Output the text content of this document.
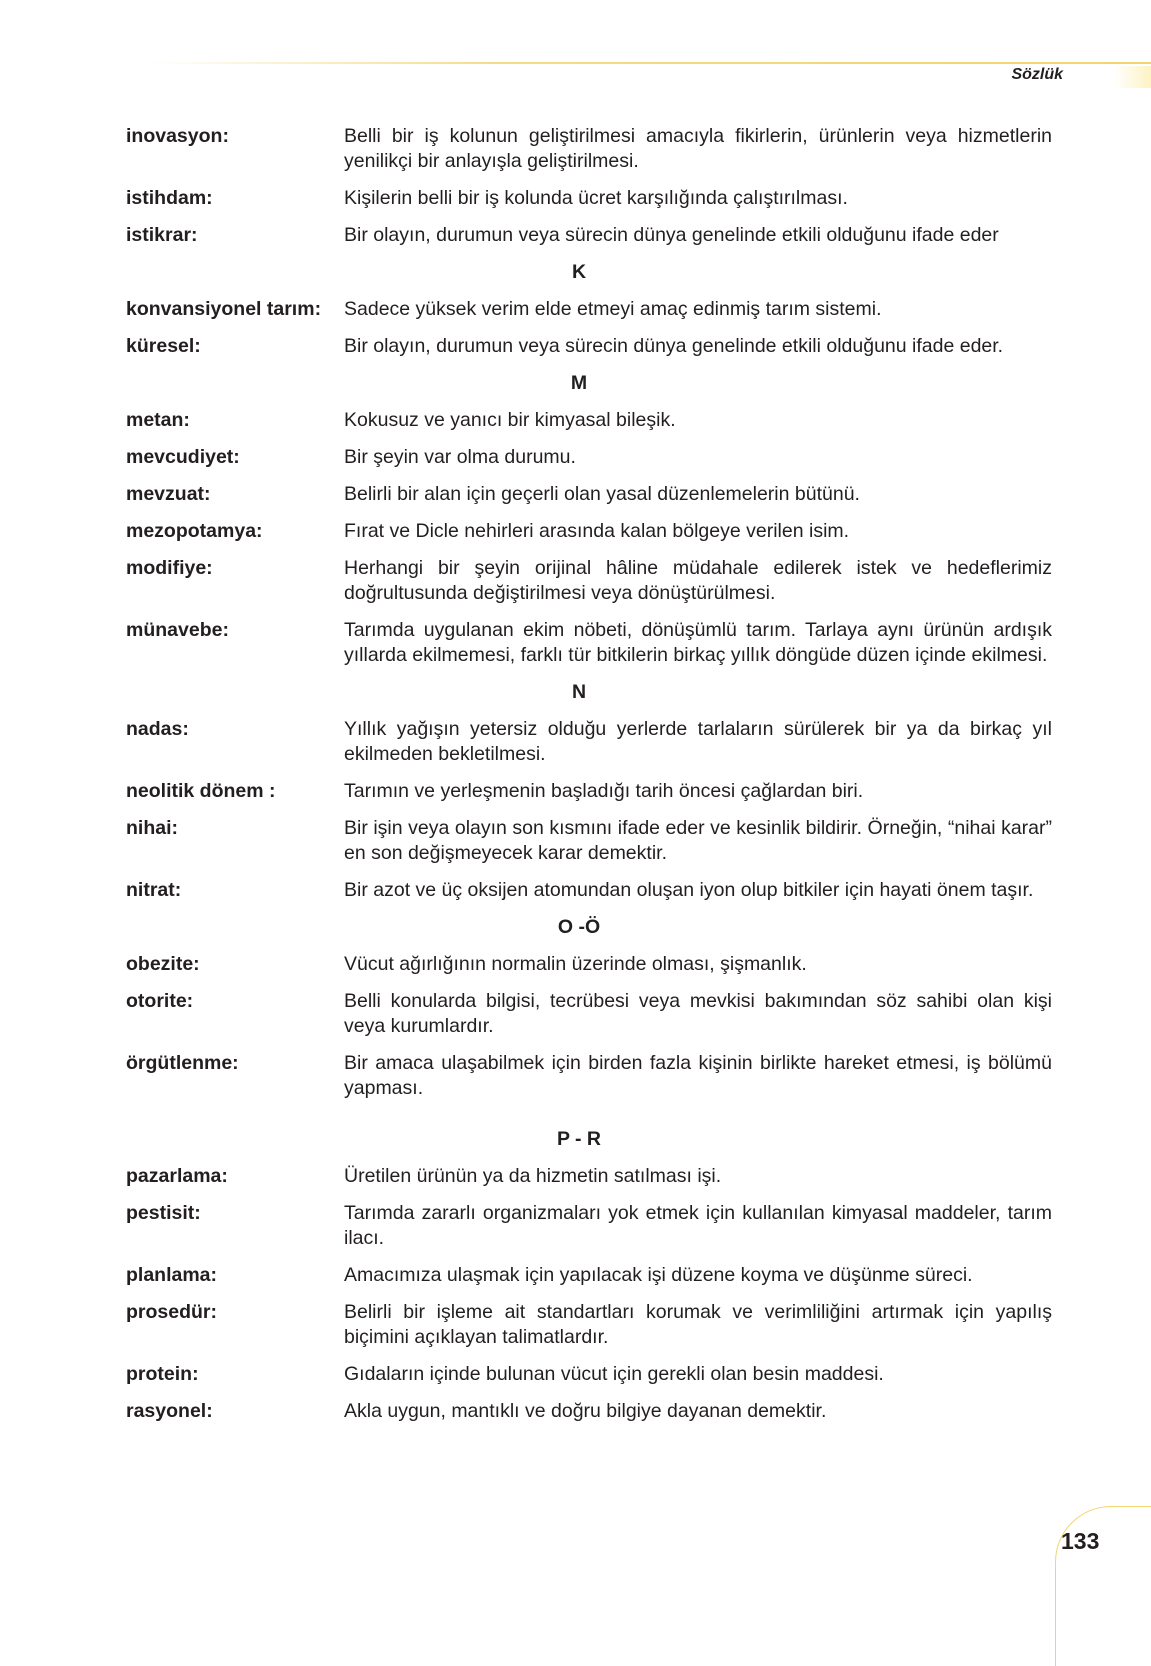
Sözlük
inovasyon:	Belli bir iş kolunun geliştirilmesi amacıyla fikirlerin, ürünlerin veya hizmetlerin yenilikçi bir anlayışla geliştirilmesi.
istihdam:	Kişilerin belli bir iş kolunda ücret karşılığında çalıştırılması.
istikrar:	Bir olayın, durumun veya sürecin dünya genelinde etkili olduğunu ifade eder
K
konvansiyonel tarım:	Sadece yüksek verim elde etmeyi amaç edinmiş tarım sistemi.
küresel:	Bir olayın, durumun veya sürecin dünya genelinde etkili olduğunu ifade eder.
M
metan:	Kokusuz ve yanıcı bir kimyasal bileşik.
mevcudiyet:	Bir şeyin var olma durumu.
mevzuat:	Belirli bir alan için geçerli olan yasal düzenlemelerin bütünü.
mezopotamya:	Fırat ve Dicle nehirleri arasında kalan bölgeye verilen isim.
modifiye:	Herhangi bir şeyin orijinal hâline müdahale edilerek istek ve hedeflerimiz doğrultusunda değiştirilmesi veya dönüştürülmesi.
münavebe:	Tarımda uygulanan ekim nöbeti, dönüşümlü tarım. Tarlaya aynı ürünün ardışık yıllarda ekilmemesi, farklı tür bitkilerin birkaç yıllık döngüde düzen içinde ekilmesi.
N
nadas:	Yıllık yağışın yetersiz olduğu yerlerde tarlaların sürülerek bir ya da birkaç yıl ekilmeden bekletilmesi.
neolitik dönem :	Tarımın ve yerleşmenin başladığı tarih öncesi çağlardan biri.
nihai:	Bir işin veya olayın son kısmını ifade eder ve kesinlik bildirir. Örneğin, “nihai karar” en son değişmeyecek karar demektir.
nitrat:	Bir azot ve üç oksijen atomundan oluşan iyon olup bitkiler için hayati önem taşır.
O -Ö
obezite:	Vücut ağırlığının normalin üzerinde olması, şişmanlık.
otorite:	Belli konularda bilgisi, tecrübesi veya mevkisi bakımından söz sahibi olan kişi veya kurumlardır.
örgütlenme:	Bir amaca ulaşabilmek için birden fazla kişinin birlikte hareket etmesi, iş bölümü yapması.
P - R
pazarlama:	Üretilen ürünün ya da hizmetin satılması işi.
pestisit:	Tarımda zararlı organizmaları yok etmek için kullanılan kimyasal maddeler, tarım ilacı.
planlama:	Amacımıza ulaşmak için yapılacak işi düzene koyma ve düşünme süreci.
prosedür:	Belirli bir işleme ait standartları korumak ve verimliliğini artırmak için yapılış biçimini açıklayan talimatlardır.
protein:	Gıdaların içinde bulunan vücut için gerekli olan besin maddesi.
rasyonel:	Akla uygun, mantıklı ve doğru bilgiye dayanan demektir.
133
